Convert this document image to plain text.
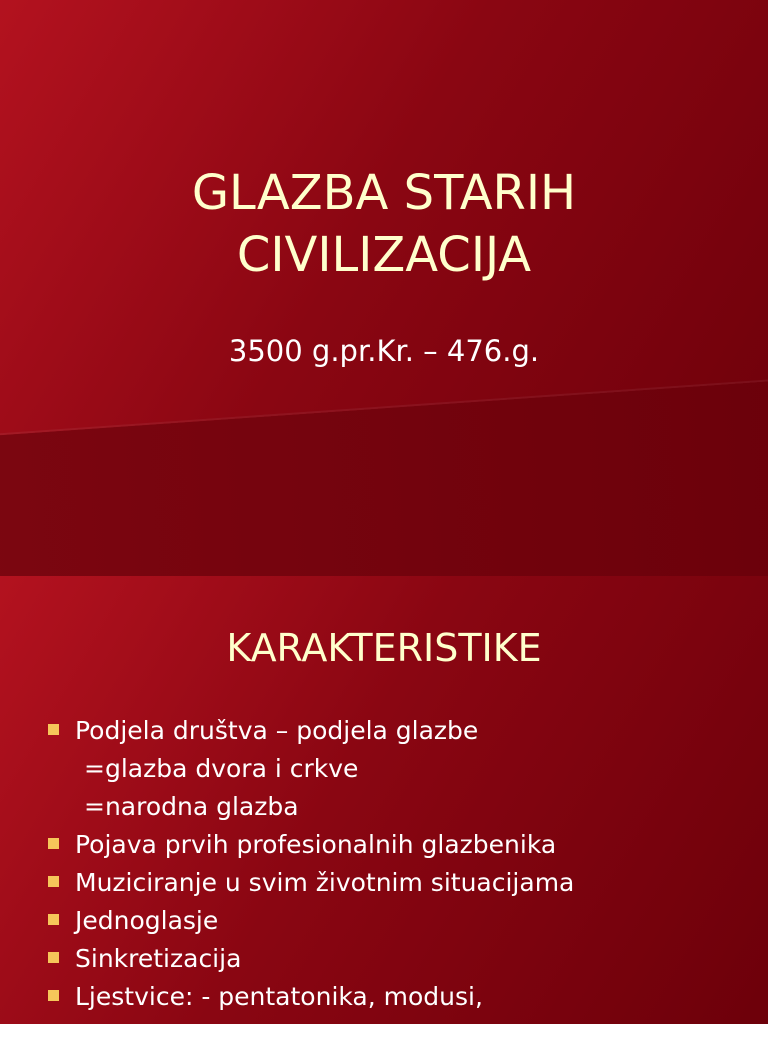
GLAZBA STARIH
CIVILIZACIJA
3500 g.pr.Kr. – 476.g.
KARAKTERISTIKE
Podjela društva – podjela glazbe
=glazba dvora i crkve
=narodna glazba
Pojava prvih profesionalnih glazbenika
Muziciranje u svim životnim situacijama
Jednoglasje
Sinkretizacija
Ljestvice: - pentatonika, modusi,
kromatska ljestvica
